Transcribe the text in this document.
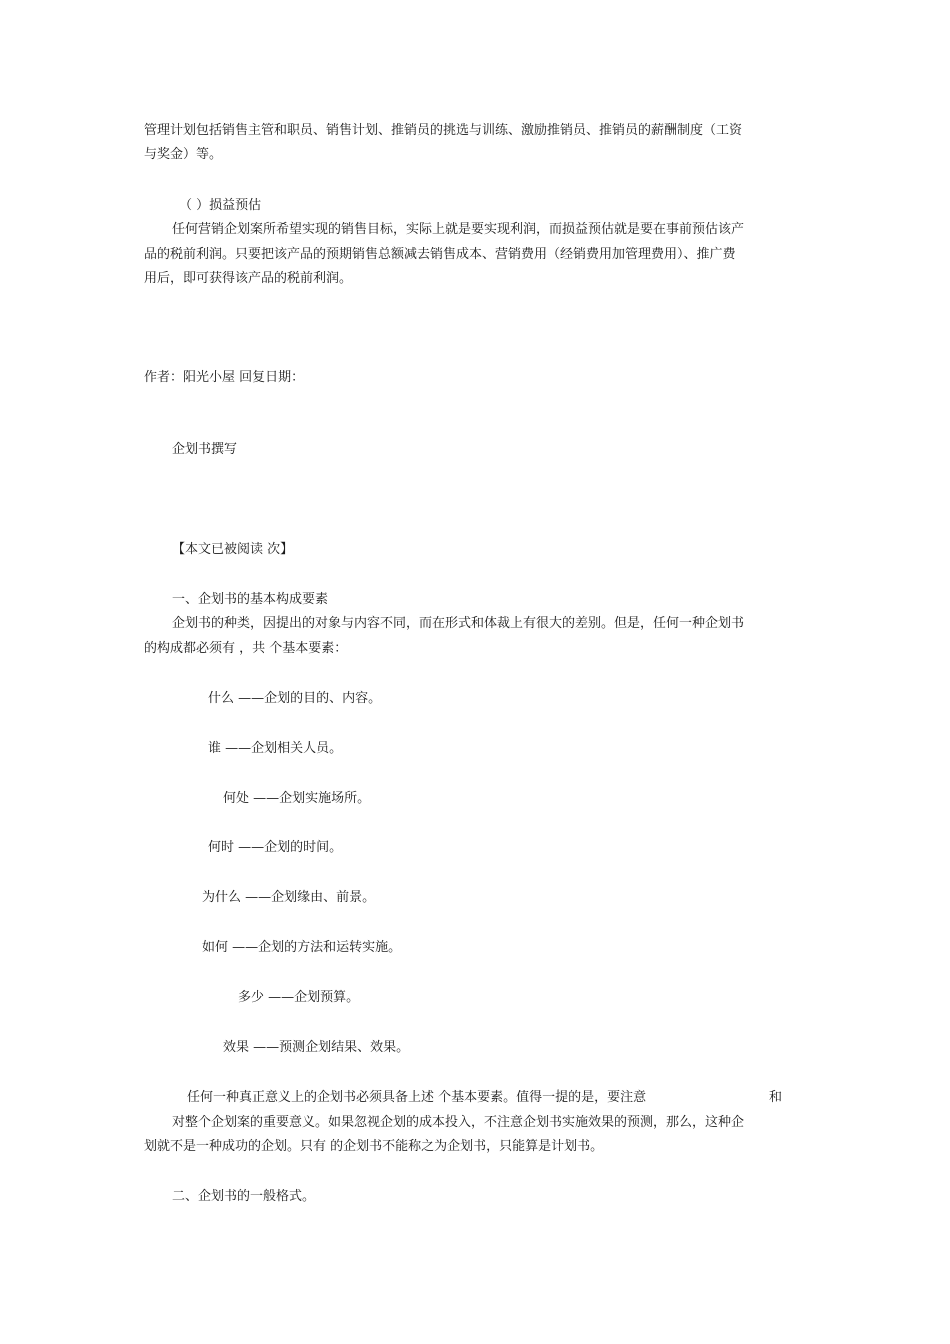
管理计划包括销售主管和职员、销售计划、推销员的挑选与训练、激励推销员、推销员的薪酬制度（工资
与奖金）等。
（ ）损益预估
任何营销企划案所希望实现的销售目标，实际上就是要实现利润，而损益预估就是要在事前预估该产
品的税前利润。只要把该产品的预期销售总额减去销售成本、营销费用（经销费用加管理费用）、推广费
用后，即可获得该产品的税前利润。
作者：阳光小屋 回复日期：
企划书撰写
【本文已被阅读 次】
一、企划书的基本构成要素
企划书的种类，因提出的对象与内容不同，而在形式和体裁上有很大的差别。但是，任何一种企划书
的构成都必须有 ，共 个基本要素：
什么 ——企划的目的、内容。
谁 ——企划相关人员。
何处 ——企划实施场所。
何时 ——企划的时间。
为什么 ——企划缘由、前景。
如何 ——企划的方法和运转实施。
多少 ——企划预算。
效果 ——预测企划结果、效果。
任何一种真正意义上的企划书必须具备上述 个基本要素。值得一提的是，要注意	和
对整个企划案的重要意义。如果忽视企划的成本投入，不注意企划书实施效果的预测，那么，这种企
划就不是一种成功的企划。只有 的企划书不能称之为企划书，只能算是计划书。
二、企划书的一般格式。
